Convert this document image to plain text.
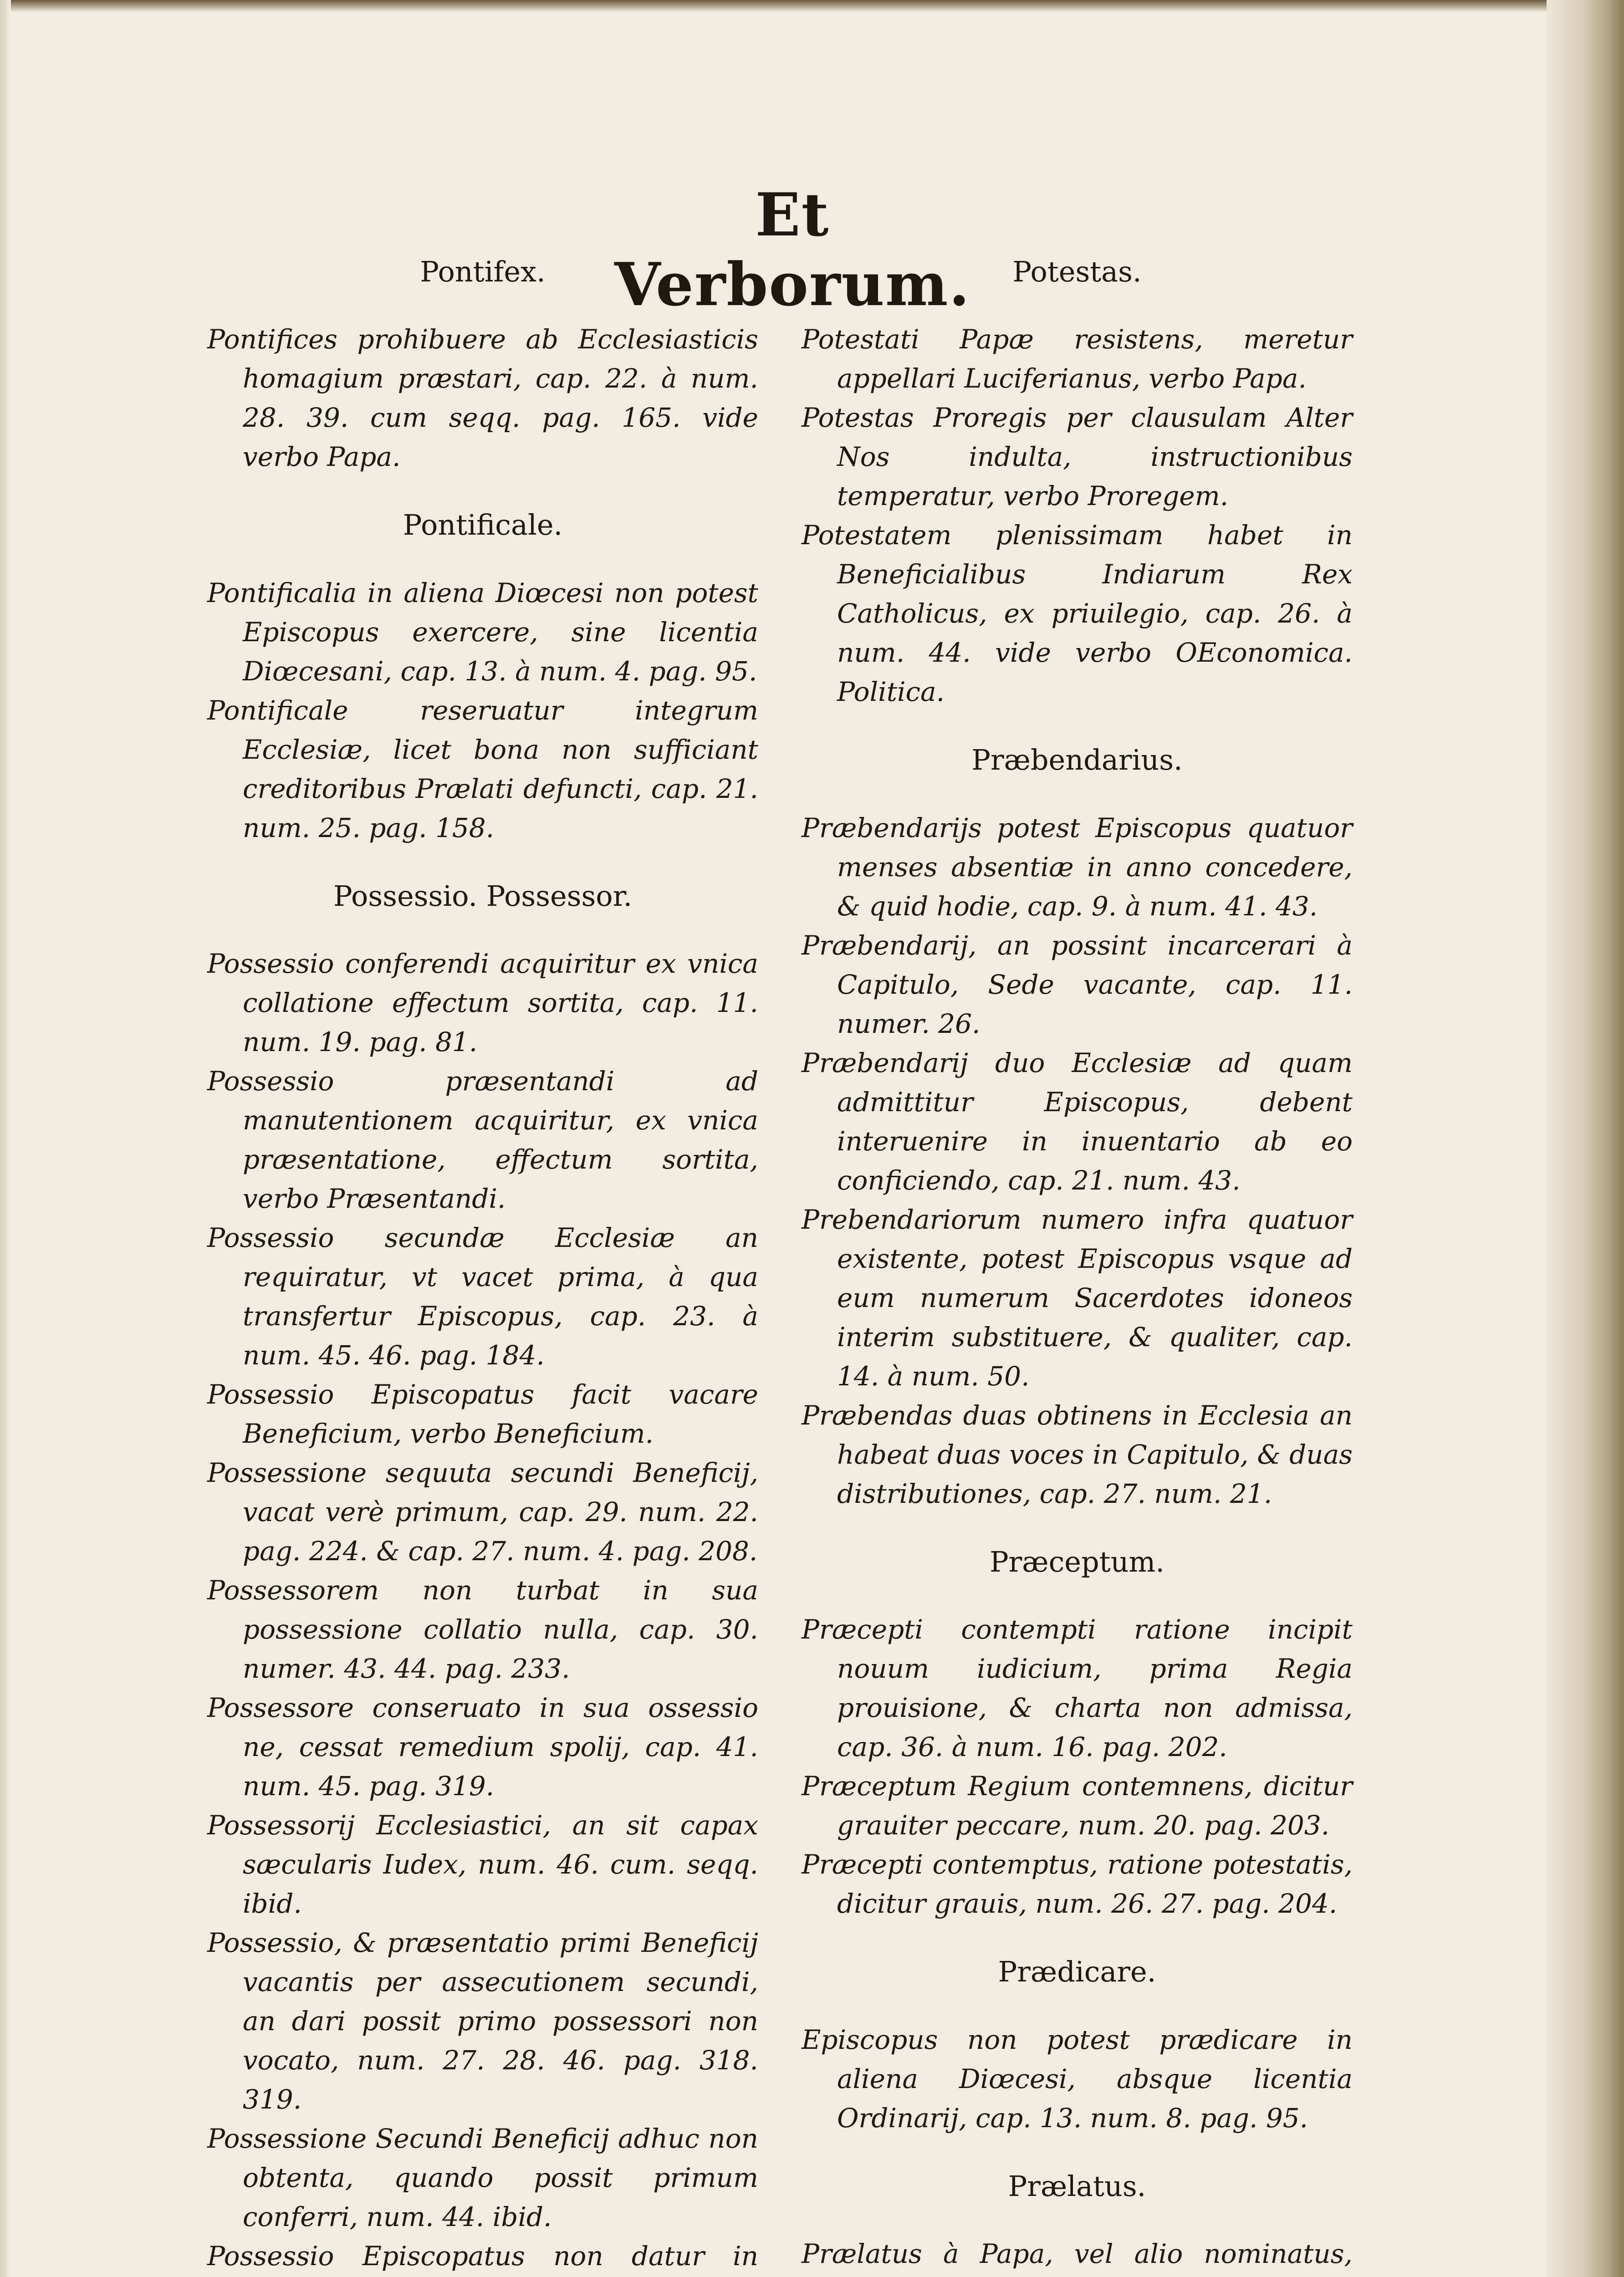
Et Verborum.
Pontifex.

Pontifices prohibuere ab Ecclesiasticis homagium præstari, cap. 22. à num. 28. 39. cum seqq. pag. 165. vide verbo Papa.

Pontificale.

Pontificalia in aliena Diœcesi non potest Episcopus exercere, sine licentia Diœcesani, cap. 13. à num. 4. pag. 95.

Pontificale reseruatur integrum Ecclesiæ, licet bona non sufficiant creditoribus Prælati defuncti, cap. 21. num. 25. pag. 158.

Possessio. Possessor.

Possessio conferendi acquiritur ex vnica collatione effectum sortita, cap. 11. num. 19. pag. 81.

Possessio præsentandi ad manutentionem acquiritur, ex vnica præsentatione, effectum sortita, verbo Præsentandi.

Possessio secundæ Ecclesiæ an requiratur, vt vacet prima, à qua transfertur Episcopus, cap. 23. à num. 45. 46. pag. 184.

Possessio Episcopatus facit vacare Beneficium, verbo Beneficium.

Possessione sequuta secundi Beneficij, vacat verè primum, cap. 29. num. 22. pag. 224. & cap. 27. num. 4. pag. 208.

Possessorem non turbat in sua possessione collatio nulla, cap. 30. numer. 43. 44. pag. 233.

Possessore conseruato in sua ossessio ne, cessat remedium spolij, cap. 41. num. 45. pag. 319.

Possessorij Ecclesiastici, an sit capax sæcularis Iudex, num. 46. cum. seqq. ibid.

Possessio, & præsentatio primi Beneficij vacantis per assecutionem secundi, an dari possit primo possessori non vocato, num. 27. 28. 46. pag. 318. 319.

Possessione Secundi Beneficij adhuc non obtenta, quando possit primum conferri, num. 44. ibid.

Possessio Episcopatus non datur in

Potestas.

Potestati Papæ resistens, meretur appellari Luciferianus, verbo Papa.

Potestas Proregis per clausulam Alter Nos indulta, instructionibus temperatur, verbo Proregem.

Potestatem plenissimam habet in Beneficialibus Indiarum Rex Catholicus, ex priuilegio, cap. 26. à num. 44. vide verbo OEconomica. Politica.

Præbendarius.

Præbendarijs potest Episcopus quatuor menses absentiæ in anno concedere, & quid hodie, cap. 9. à num. 41. 43.

Præbendarij, an possint incarcerari à Capitulo, Sede vacante, cap. 11. numer. 26.

Præbendarij duo Ecclesiæ ad quam admittitur Episcopus, debent interuenire in inuentario ab eo conficiendo, cap. 21. num. 43.

Prebendariorum numero infra quatuor existente, potest Episcopus vsque ad eum numerum Sacerdotes idoneos interim substituere, & qualiter, cap. 14. à num. 50.

Præbendas duas obtinens in Ecclesia an habeat duas voces in Capitulo, & duas distributiones, cap. 27. num. 21.

Præceptum.

Præcepti contempti ratione incipit nouum iudicium, prima Regia prouisione, & charta non admissa, cap. 36. à num. 16. pag. 202.

Præceptum Regium contemnens, dicitur grauiter peccare, num. 20. pag. 203.

Præcepti contemptus, ratione potestatis, dicitur grauis, num. 26. 27. pag. 204.

Prædicare.

Episcopus non potest prædicare in aliena Diœcesi, absque licentia Ordinarij, cap. 13. num. 8. pag. 95.

Prælatus.

Prælatus à Papa, vel alio nominatus,
